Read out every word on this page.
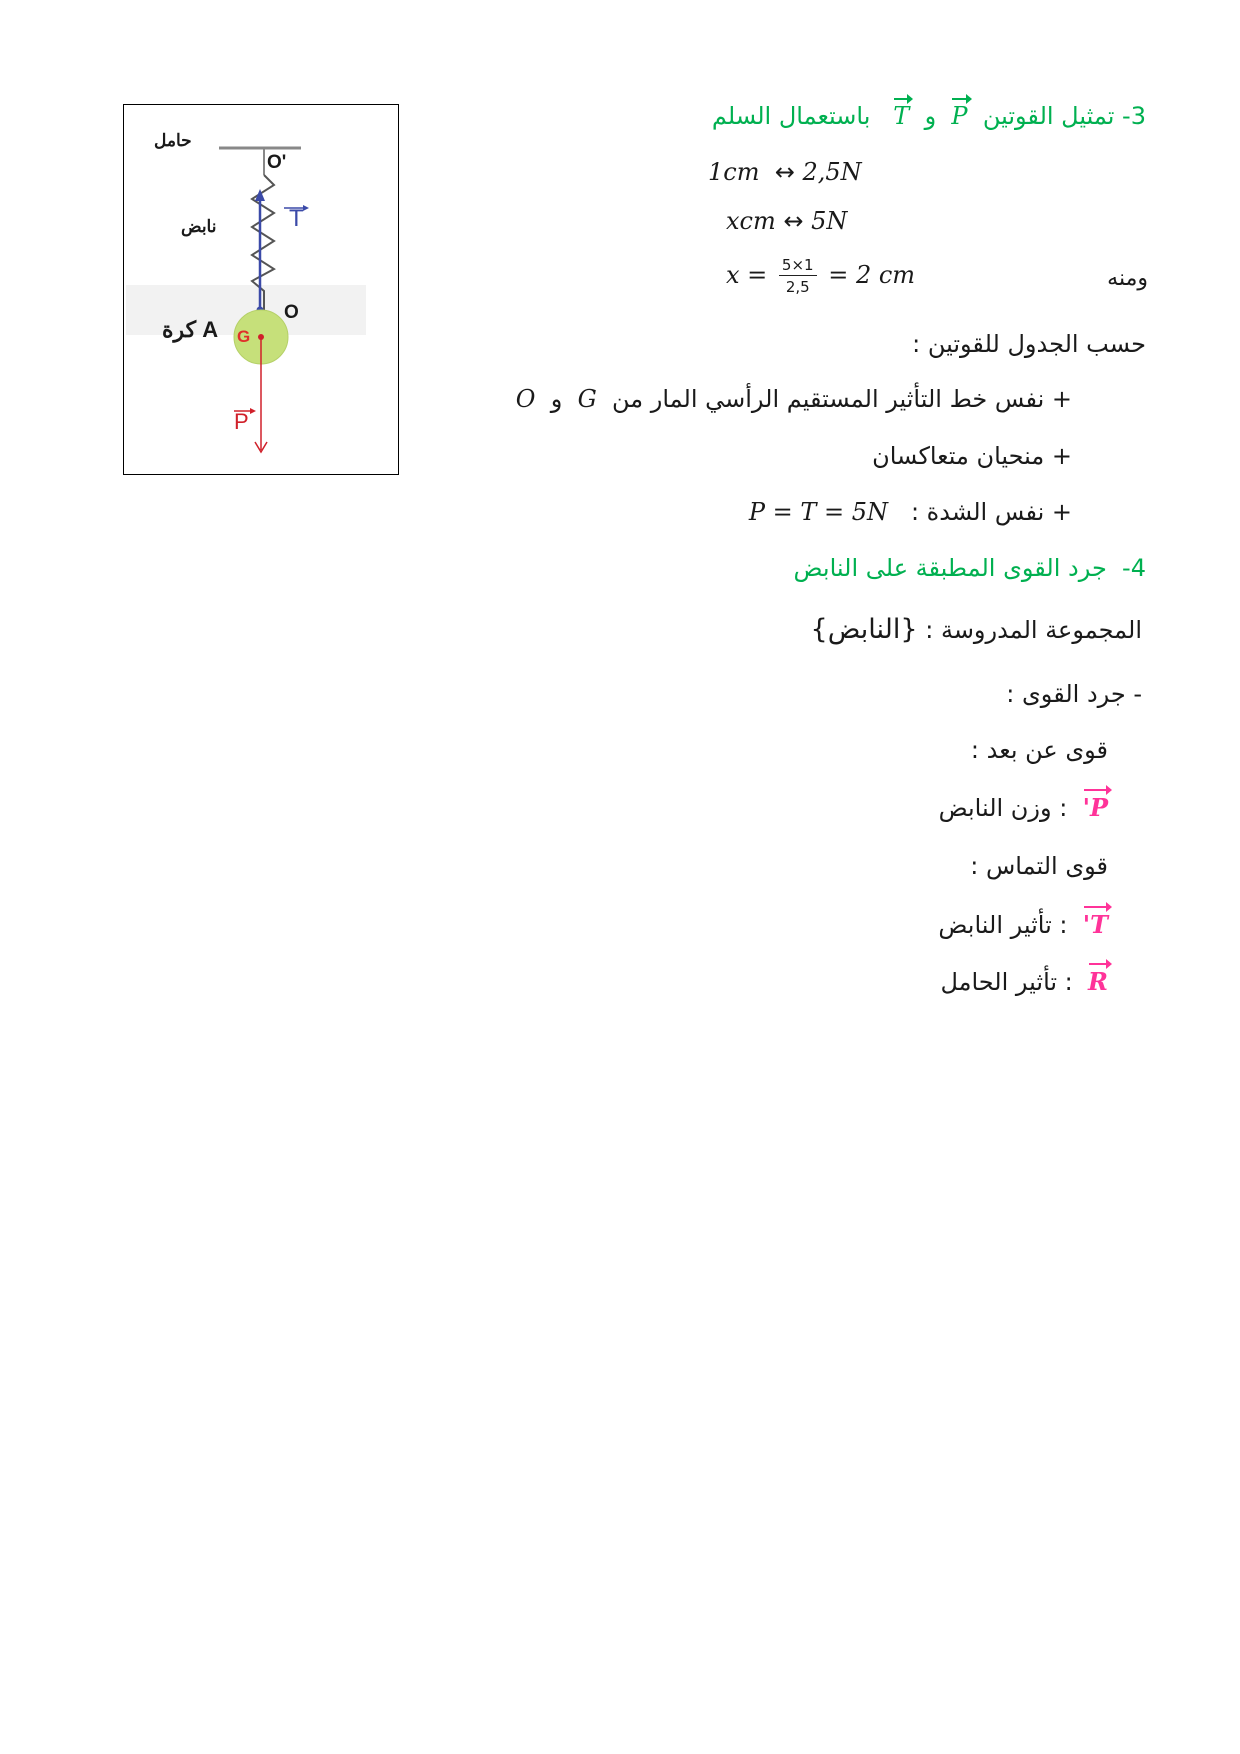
حامل
O'
نابض	T
O
كرة A G
P
3- تمثيل القوتين  P  و  T   باستعمال السلم
1cm ↔ 2,5N
xcm ↔ 5N
$x = \frac{5\times 1}{2,5} = 2$ cm	ومنه
حسب الجدول للقوتين :
+ نفس خط التأثير المستقيم الرأسي المار من  G  و  O
+ منحيان متعاكسان
+ نفس الشدة :   P = T = 5N
4-  جرد القوى المطبقة على النابض
المجموعة المدروسة : {النابض}
- جرد القوى :
قوى عن بعد :
P'  : وزن النابض
قوى التماس :
T'  : تأثير النابض
R  : تأثير الحامل
